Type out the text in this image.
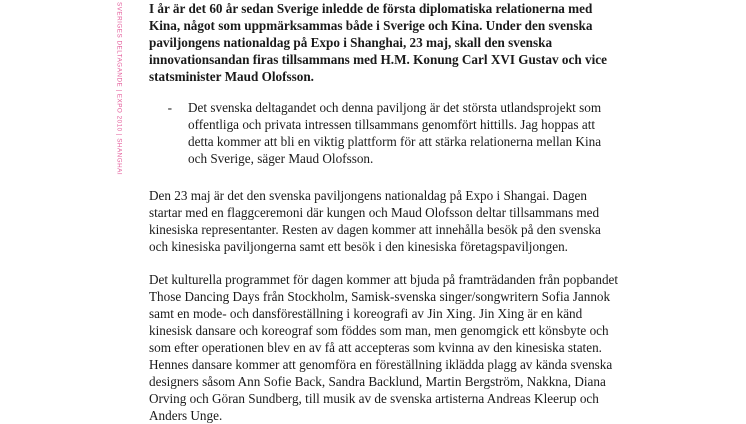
SVERIGES DELTAGANDE | EXPO 2010 | SHANGHAI I år är det 60 år sedan Sverige inledde de första diplomatiska relationerna med Kina, något som uppmärksammas både i Sverige och Kina. Under den svenska paviljongens nationaldag på Expo i Shanghai, 23 maj, skall den svenska innovationsandan firas tillsammans med H.M. Konung Carl XVI Gustav och vice statsminister Maud Olofsson.

- Det svenska deltagandet och denna paviljong är det största utlandsprojekt som offentliga och privata intressen tillsammans genomfört hittills. Jag hoppas att detta kommer att bli en viktig plattform för att stärka relationerna mellan Kina och Sverige, säger Maud Olofsson.

Den 23 maj är det den svenska paviljongens nationaldag på Expo i Shangai. Dagen startar med en flaggceremoni där kungen och Maud Olofsson deltar tillsammans med kinesiska representanter. Resten av dagen kommer att innehålla besök på den svenska och kinesiska paviljongerna samt ett besök i den kinesiska företagspaviljongen.

Det kulturella programmet för dagen kommer att bjuda på framträdanden från popbandet Those Dancing Days från Stockholm, Samisk-svenska singer/songwritern Sofia Jannok samt en mode- och dansföreställning i koreografi av Jin Xing. Jin Xing är en känd kinesisk dansare och koreograf som föddes som man, men genomgick ett könsbyte och som efter operationen blev en av få att accepteras som kvinna av den kinesiska staten. Hennes dansare kommer att genomföra en föreställning iklädda plagg av kända svenska designers såsom Ann Sofie Back, Sandra Backlund, Martin Bergström, Nakkna, Diana Orving och Göran Sundberg, till musik av de svenska artisterna Andreas Kleerup och Anders Unge.
